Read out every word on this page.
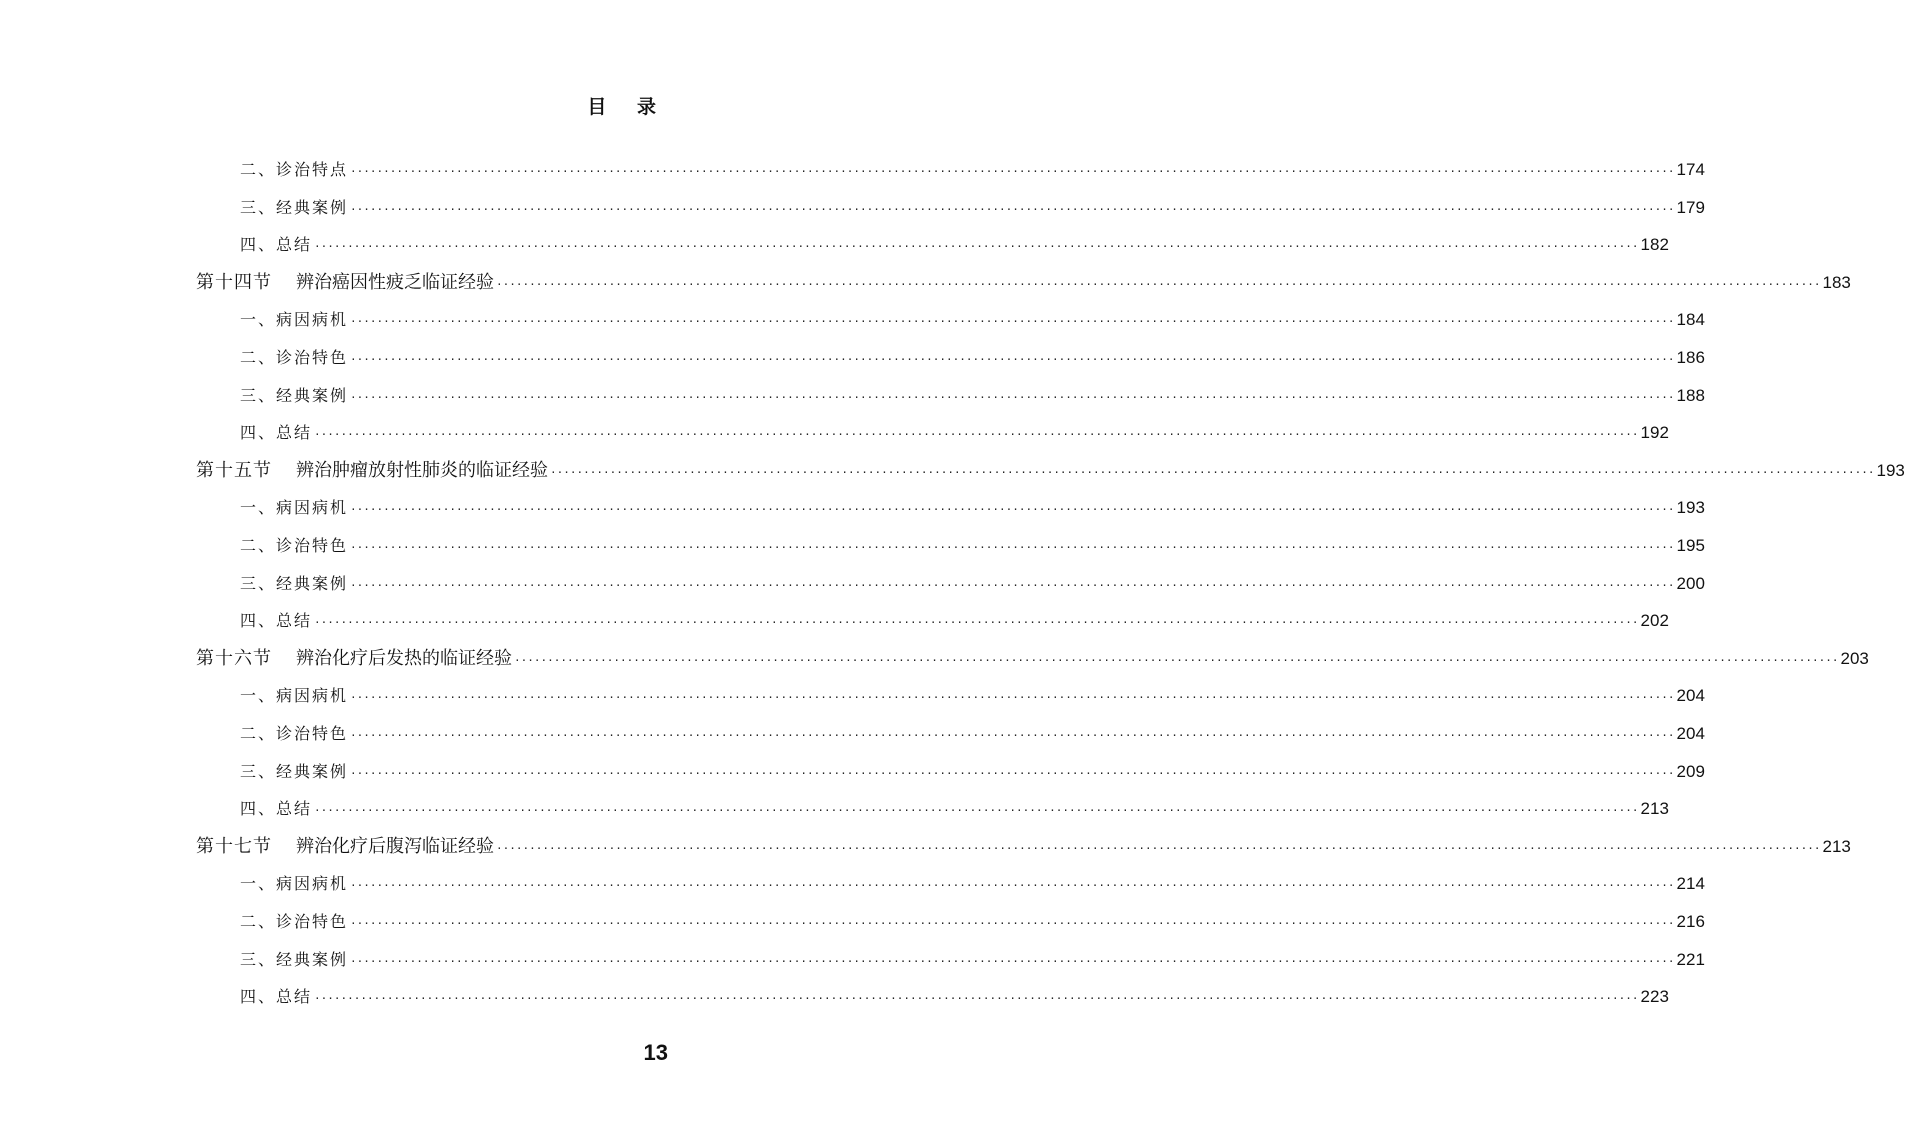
目 录
二、诊治特点 ········································································································································································································ 174
三、经典案例 ········································································································································································································ 179
四、总结 ········································································································································································································ 182
第十四节 辨治癌因性疲乏临证经验 ········································································································································································································ 183
一、病因病机 ········································································································································································································ 184
二、诊治特色 ········································································································································································································ 186
三、经典案例 ········································································································································································································ 188
四、总结 ········································································································································································································ 192
第十五节 辨治肿瘤放射性肺炎的临证经验 ········································································································································································································ 193
一、病因病机 ········································································································································································································ 193
二、诊治特色 ········································································································································································································ 195
三、经典案例 ········································································································································································································ 200
四、总结 ········································································································································································································ 202
第十六节 辨治化疗后发热的临证经验 ········································································································································································································ 203
一、病因病机 ········································································································································································································ 204
二、诊治特色 ········································································································································································································ 204
三、经典案例 ········································································································································································································ 209
四、总结 ········································································································································································································ 213
第十七节 辨治化疗后腹泻临证经验 ········································································································································································································ 213
一、病因病机 ········································································································································································································ 214
二、诊治特色 ········································································································································································································ 216
三、经典案例 ········································································································································································································ 221
四、总结 ········································································································································································································ 223
13
